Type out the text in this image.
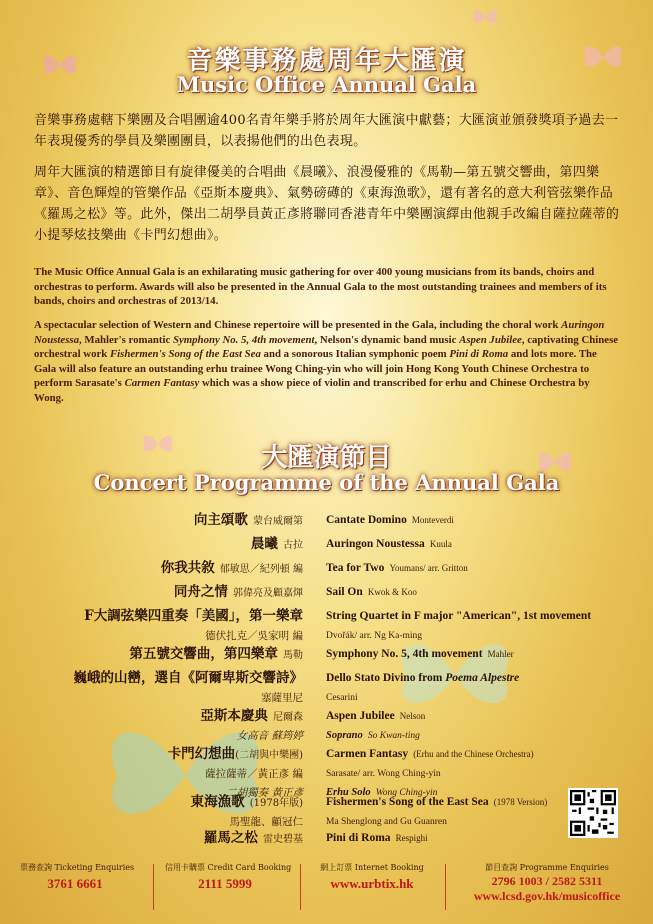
音樂事務處周年大匯演
Music Office Annual Gala

音樂事務處轄下樂團及合唱團逾400名青年樂手將於周年大匯演中獻藝；大匯演並頒發獎項予過去一年表現優秀的學員及樂團團員，以表揚他們的出色表現。

周年大匯演的精選節目有旋律優美的合唱曲《晨曦》、浪漫優雅的《馬勒—第五號交響曲，第四樂章》、音色輝煌的管樂作品《亞斯本慶典》、氣勢磅礡的《東海漁歌》，還有著名的意大利管弦樂作品《羅馬之松》等。此外，傑出二胡學員黃正彥將聯同香港青年中樂團演繹由他親手改編自薩拉薩蒂的小提琴炫技樂曲《卡門幻想曲》。

The Music Office Annual Gala is an exhilarating music gathering for over 400 young musicians from its bands, choirs and orchestras to perform. Awards will also be presented in the Annual Gala to the most outstanding trainees and members of its bands, choirs and orchestras of 2013/14.

A spectacular selection of Western and Chinese repertoire will be presented in the Gala, including the choral work Auringon Noustessa, Mahler's romantic Symphony No. 5, 4th movement, Nelson's dynamic band music Aspen Jubilee, captivating Chinese orchestral work Fishermen's Song of the East Sea and a sonorous Italian symphonic poem Pini di Roma and lots more. The Gala will also feature an outstanding erhu trainee Wong Ching-yin who will join Hong Kong Youth Chinese Orchestra to perform Sarasate's Carmen Fantasy which was a show piece of violin and transcribed for erhu and Chinese Orchestra by Wong.

大匯演節目
Concert Programme of the Annual Gala
向主頌歌 蒙台威爾第 Cantate Domino Monteverdi
晨曦 古拉 Auringon Noustessa Kuula
你我共敘 郁敏思／紀列頓 編 Tea for Two Youmans/ arr. Gritton
同舟之情 郭偉亮及顧嘉煇 Sail On Kwok & Koo
F大調弦樂四重奏「美國」，第一樂章
德伏扎克／吳家明 編
String Quartet in F major "American", 1st movement
Dvořák/ arr. Ng Ka-ming
第五號交響曲，第四樂章 馬勒 Symphony No. 5, 4th movement Mahler
巍峨的山巒，選自《阿爾卑斯交響詩》
塞薩里尼
Dello Stato Divino from Poema Alpestre
Cesarini
亞斯本慶典 尼爾森
女高音 蘇筠婷
Aspen Jubilee Nelson
Soprano So Kwan-ting
卡門幻想曲(二胡與中樂團)
薩拉薩蒂／黃正彥 編
二胡獨奏 黃正彥
Carmen Fantasy (Erhu and the Chinese Orchestra)
Sarasate/ arr. Wong Ching-yin
Erhu Solo Wong Ching-yin
東海漁歌 (1978年版)
馬聖龍、顧冠仁
Fishermen's Song of the East Sea (1978 Version)
Ma Shenglong and Gu Guanren
羅馬之松 雷史碧基 Pini di Roma Respighi
票務查詢 Ticketing Enquiries
3761 6661
信用卡購票 Credit Card Booking
2111 5999
網上訂票 Internet Booking
www.urbtix.hk
節目查詢 Programme Enquiries
2796 1003 / 2582 5311
www.lcsd.gov.hk/musicoffice
